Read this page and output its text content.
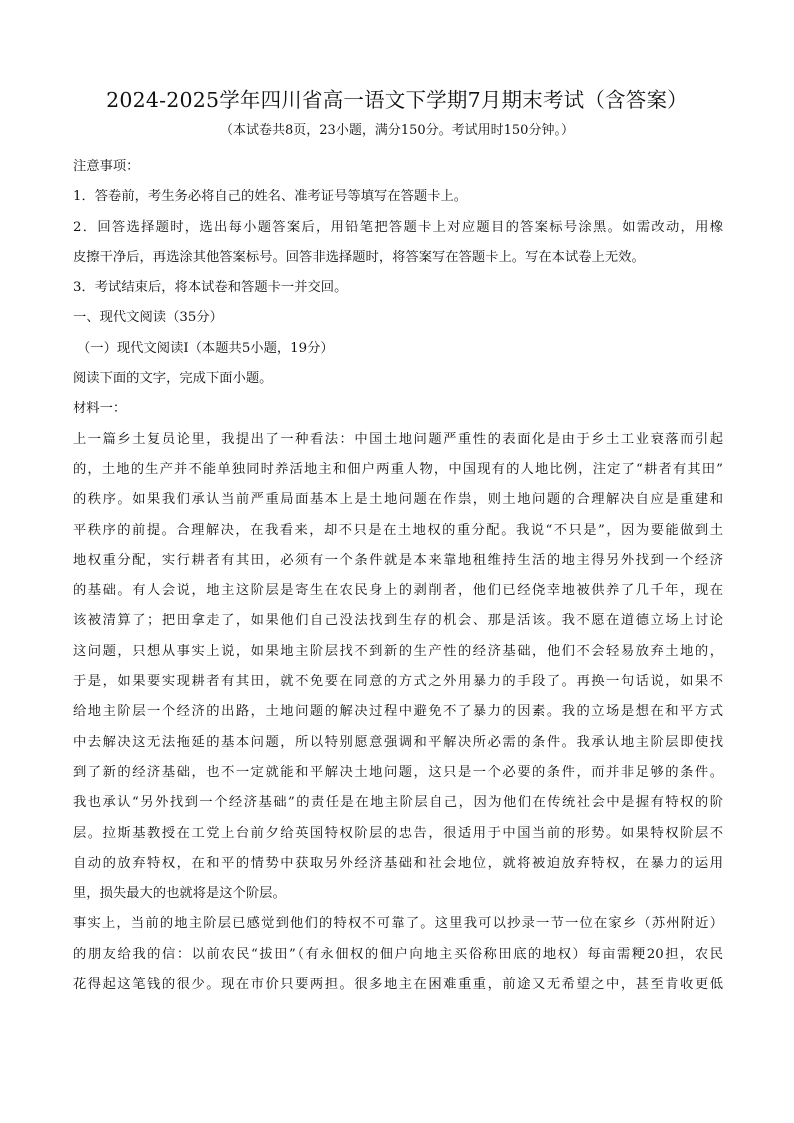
2024-2025学年四川省高一语文下学期7月期末考试（含答案）
（本试卷共8页，23小题，满分150分。考试用时150分钟。）
注意事项：
1．答卷前，考生务必将自己的姓名、准考证号等填写在答题卡上。
2．回答选择题时，选出每小题答案后，用铅笔把答题卡上对应题目的答案标号涂黑。如需改动，用橡
皮擦干净后，再选涂其他答案标号。回答非选择题时，将答案写在答题卡上。写在本试卷上无效。
3．考试结束后，将本试卷和答题卡一并交回。
一、现代文阅读（35分）
（一）现代文阅读Ⅰ（本题共5小题，19分）
阅读下面的文字，完成下面小题。
材料一：
上一篇乡土复员论里，我提出了一种看法：中国土地问题严重性的表面化是由于乡土工业衰落而引起
的，土地的生产并不能单独同时养活地主和佃户两重人物，中国现有的人地比例，注定了“耕者有其田”
的秩序。如果我们承认当前严重局面基本上是土地问题在作祟，则土地问题的合理解决自应是重建和
平秩序的前提。合理解决，在我看来，却不只是在土地权的重分配。我说“不只是”，因为要能做到土
地权重分配，实行耕者有其田，必须有一个条件就是本来靠地租维持生活的地主得另外找到一个经济
的基础。有人会说，地主这阶层是寄生在农民身上的剥削者，他们已经侥幸地被供养了几千年，现在
该被清算了；把田拿走了，如果他们自己没法找到生存的机会、那是活该。我不愿在道德立场上讨论
这问题，只想从事实上说，如果地主阶层找不到新的生产性的经济基础，他们不会轻易放弃土地的，
于是，如果要实现耕者有其田，就不免要在同意的方式之外用暴力的手段了。再换一句话说，如果不
给地主阶层一个经济的出路，土地问题的解决过程中避免不了暴力的因素。我的立场是想在和平方式
中去解决这无法拖延的基本问题，所以特别愿意强调和平解决所必需的条件。我承认地主阶层即使找
到了新的经济基础，也不一定就能和平解决土地问题，这只是一个必要的条件，而并非足够的条件。
我也承认“另外找到一个经济基础”的责任是在地主阶层自己，因为他们在传统社会中是握有特权的阶
层。拉斯基教授在工党上台前夕给英国特权阶层的忠告，很适用于中国当前的形势。如果特权阶层不
自动的放弃特权，在和平的情势中获取另外经济基础和社会地位，就将被迫放弃特权，在暴力的运用
里，损失最大的也就将是这个阶层。
事实上，当前的地主阶层已感觉到他们的特权不可靠了。这里我可以抄录一节一位在家乡（苏州附近）
的朋友给我的信：以前农民“拔田”（有永佃权的佃户向地主买俗称田底的地权）每亩需粳20担，农民
花得起这笔钱的很少。现在市价只要两担。很多地主在困难重重，前途又无希望之中，甚至肯收更低
